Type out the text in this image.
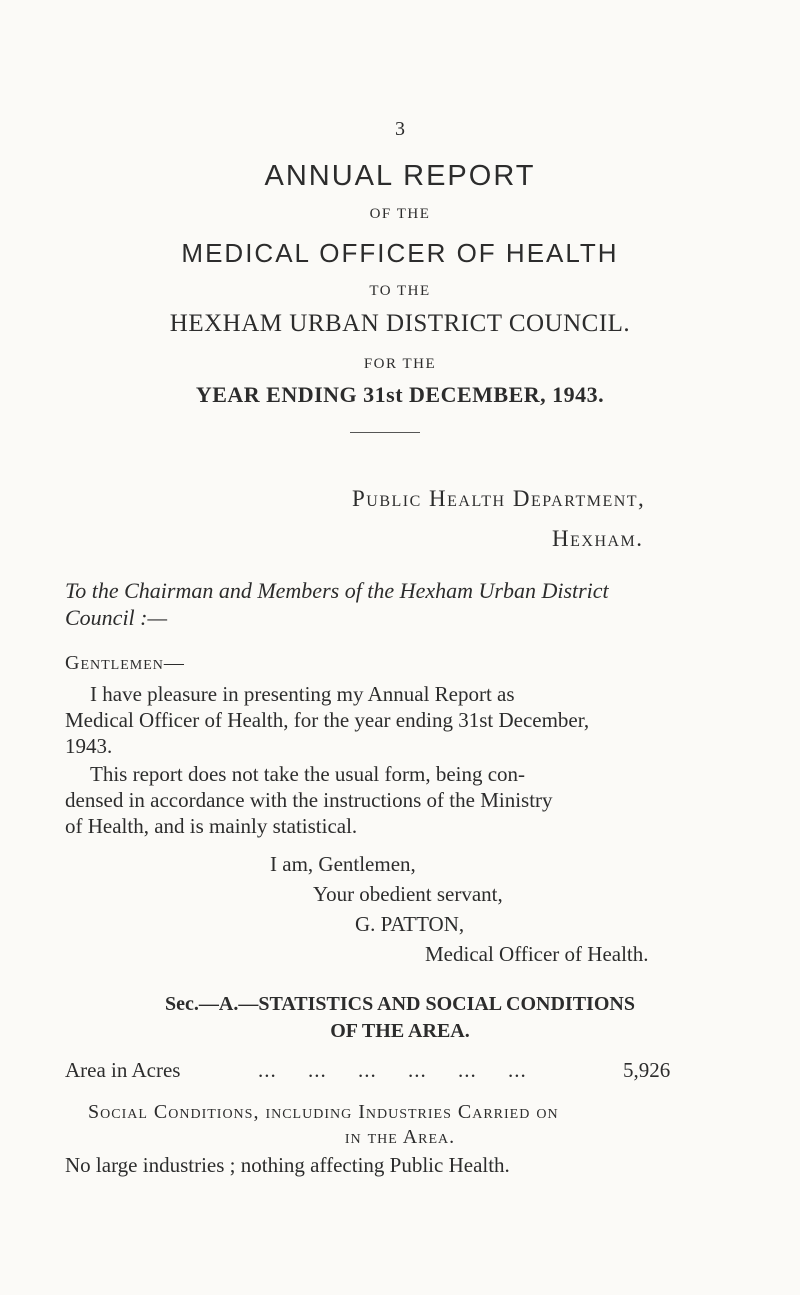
3
ANNUAL REPORT
OF THE
MEDICAL OFFICER OF HEALTH
TO THE
HEXHAM URBAN DISTRICT COUNCIL.
FOR THE
YEAR ENDING 31st DECEMBER, 1943.
Public Health Department,
Hexham.
To the Chairman and Members of the Hexham Urban District
Council :—
Gentlemen—
I have pleasure in presenting my Annual Report as
Medical Officer of Health, for the year ending 31st December,
1943.
This report does not take the usual form, being con-
densed in accordance with the instructions of the Ministry
of Health, and is mainly statistical.
I am, Gentlemen,
Your obedient servant,
G. PATTON,
Medical Officer of Health.
Sec.—A.—STATISTICS AND SOCIAL CONDITIONS
OF THE AREA.
Area in Acres	...     ...     ...     ...     ...     ...	5,926
Social Conditions, including Industries Carried on
in the Area.
No large industries ; nothing affecting Public Health.
